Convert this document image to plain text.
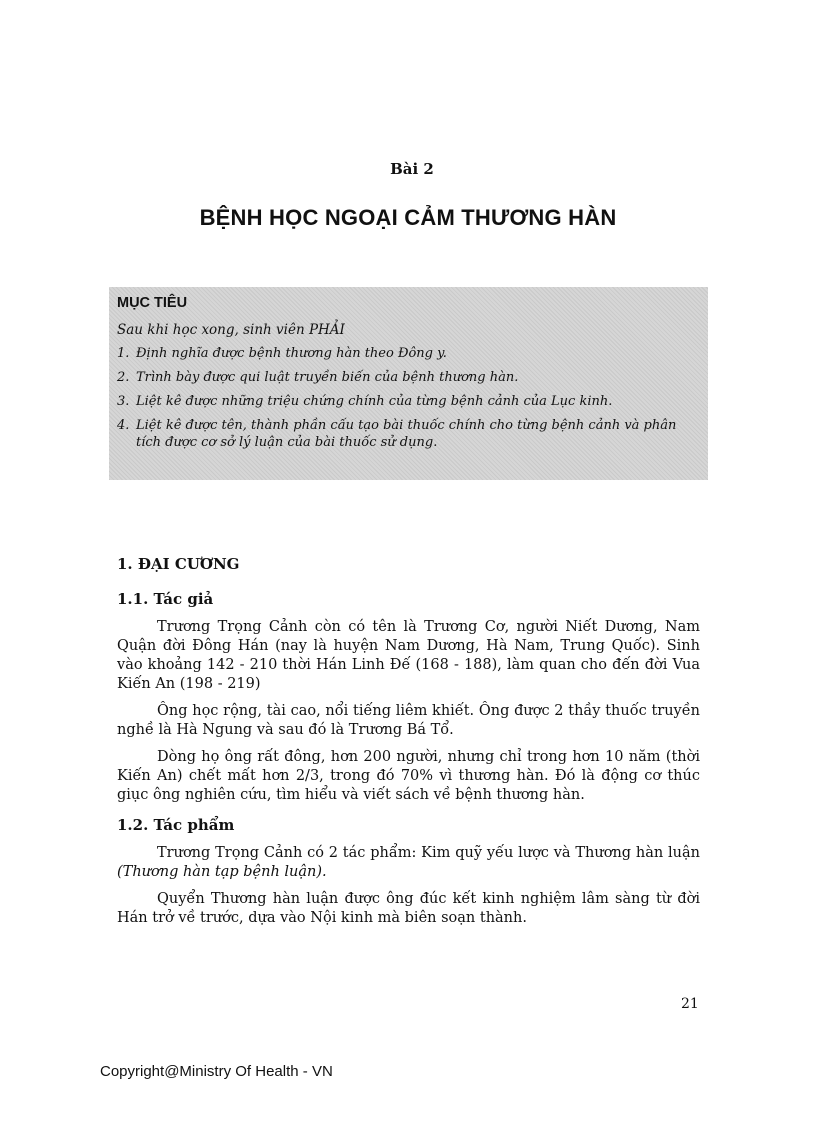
Bài 2
BỆNH HỌC NGOẠI CẢM THƯƠNG HÀN
MỤC TIÊU
Sau khi học xong, sinh viên PHẢI
1. Định nghĩa được bệnh thương hàn theo Đông y.
2. Trình bày được qui luật truyền biến của bệnh thương hàn.
3. Liệt kê được những triệu chứng chính của từng bệnh cảnh của Lục kinh.
4. Liệt kê được tên, thành phần cấu tạo bài thuốc chính cho từng bệnh cảnh và phân tích được cơ sở lý luận của bài thuốc sử dụng.
1. ĐẠI CƯƠNG
1.1. Tác giả

Trương Trọng Cảnh còn có tên là Trương Cơ, người Niết Dương, Nam Quận đời Đông Hán (nay là huyện Nam Dương, Hà Nam, Trung Quốc). Sinh vào khoảng 142 - 210 thời Hán Linh Đế (168 - 188), làm quan cho đến đời Vua Kiến An (198 - 219)

Ông học rộng, tài cao, nổi tiếng liêm khiết. Ông được 2 thầy thuốc truyền nghề là Hà Ngung và sau đó là Trương Bá Tổ.

Dòng họ ông rất đông, hơn 200 người, nhưng chỉ trong hơn 10 năm (thời Kiến An) chết mất hơn 2/3, trong đó 70% vì thương hàn. Đó là động cơ thúc giục ông nghiên cứu, tìm hiểu và viết sách về bệnh thương hàn.

1.2. Tác phẩm

Trương Trọng Cảnh có 2 tác phẩm: Kim quỹ yếu lược và Thương hàn luận (Thương hàn tạp bệnh luận).

Quyển Thương hàn luận được ông đúc kết kinh nghiệm lâm sàng từ đời Hán trở về trước, dựa vào Nội kinh mà biên soạn thành.

21
Copyright@Ministry Of Health - VN
